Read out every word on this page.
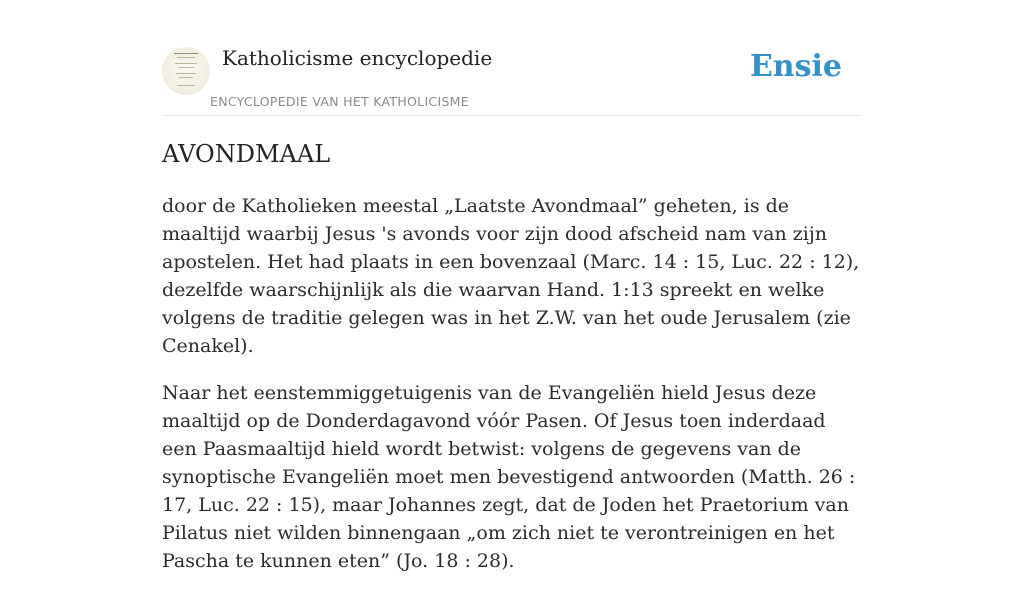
Katholicisme encyclopedie
ENCYCLOPEDIE VAN HET KATHOLICISME
Ensie
AVONDMAAL

door de Katholieken meestal „Laatste Avondmaal” geheten, is de maaltijd waarbij Jesus 's avonds voor zijn dood afscheid nam van zijn apostelen. Het had plaats in een bovenzaal (Marc. 14 : 15, Luc. 22 : 12), dezelfde waarschijnlijk als die waarvan Hand. 1:13 spreekt en welke volgens de traditie gelegen was in het Z.W. van het oude Jerusalem (zie Cenakel).

Naar het eenstemmiggetuigenis van de Evangeliën hield Jesus deze maaltijd op de Donderdagavond vóór Pasen. Of Jesus toen inderdaad een Paasmaaltijd hield wordt betwist: volgens de gegevens van de synoptische Evangeliën moet men bevestigend antwoorden (Matth. 26 : 17, Luc. 22 : 15), maar Johannes zegt, dat de Joden het Praetorium van Pilatus niet wilden binnengaan „om zich niet te verontreinigen en het Pascha te kunnen eten” (Jo. 18 : 28).
